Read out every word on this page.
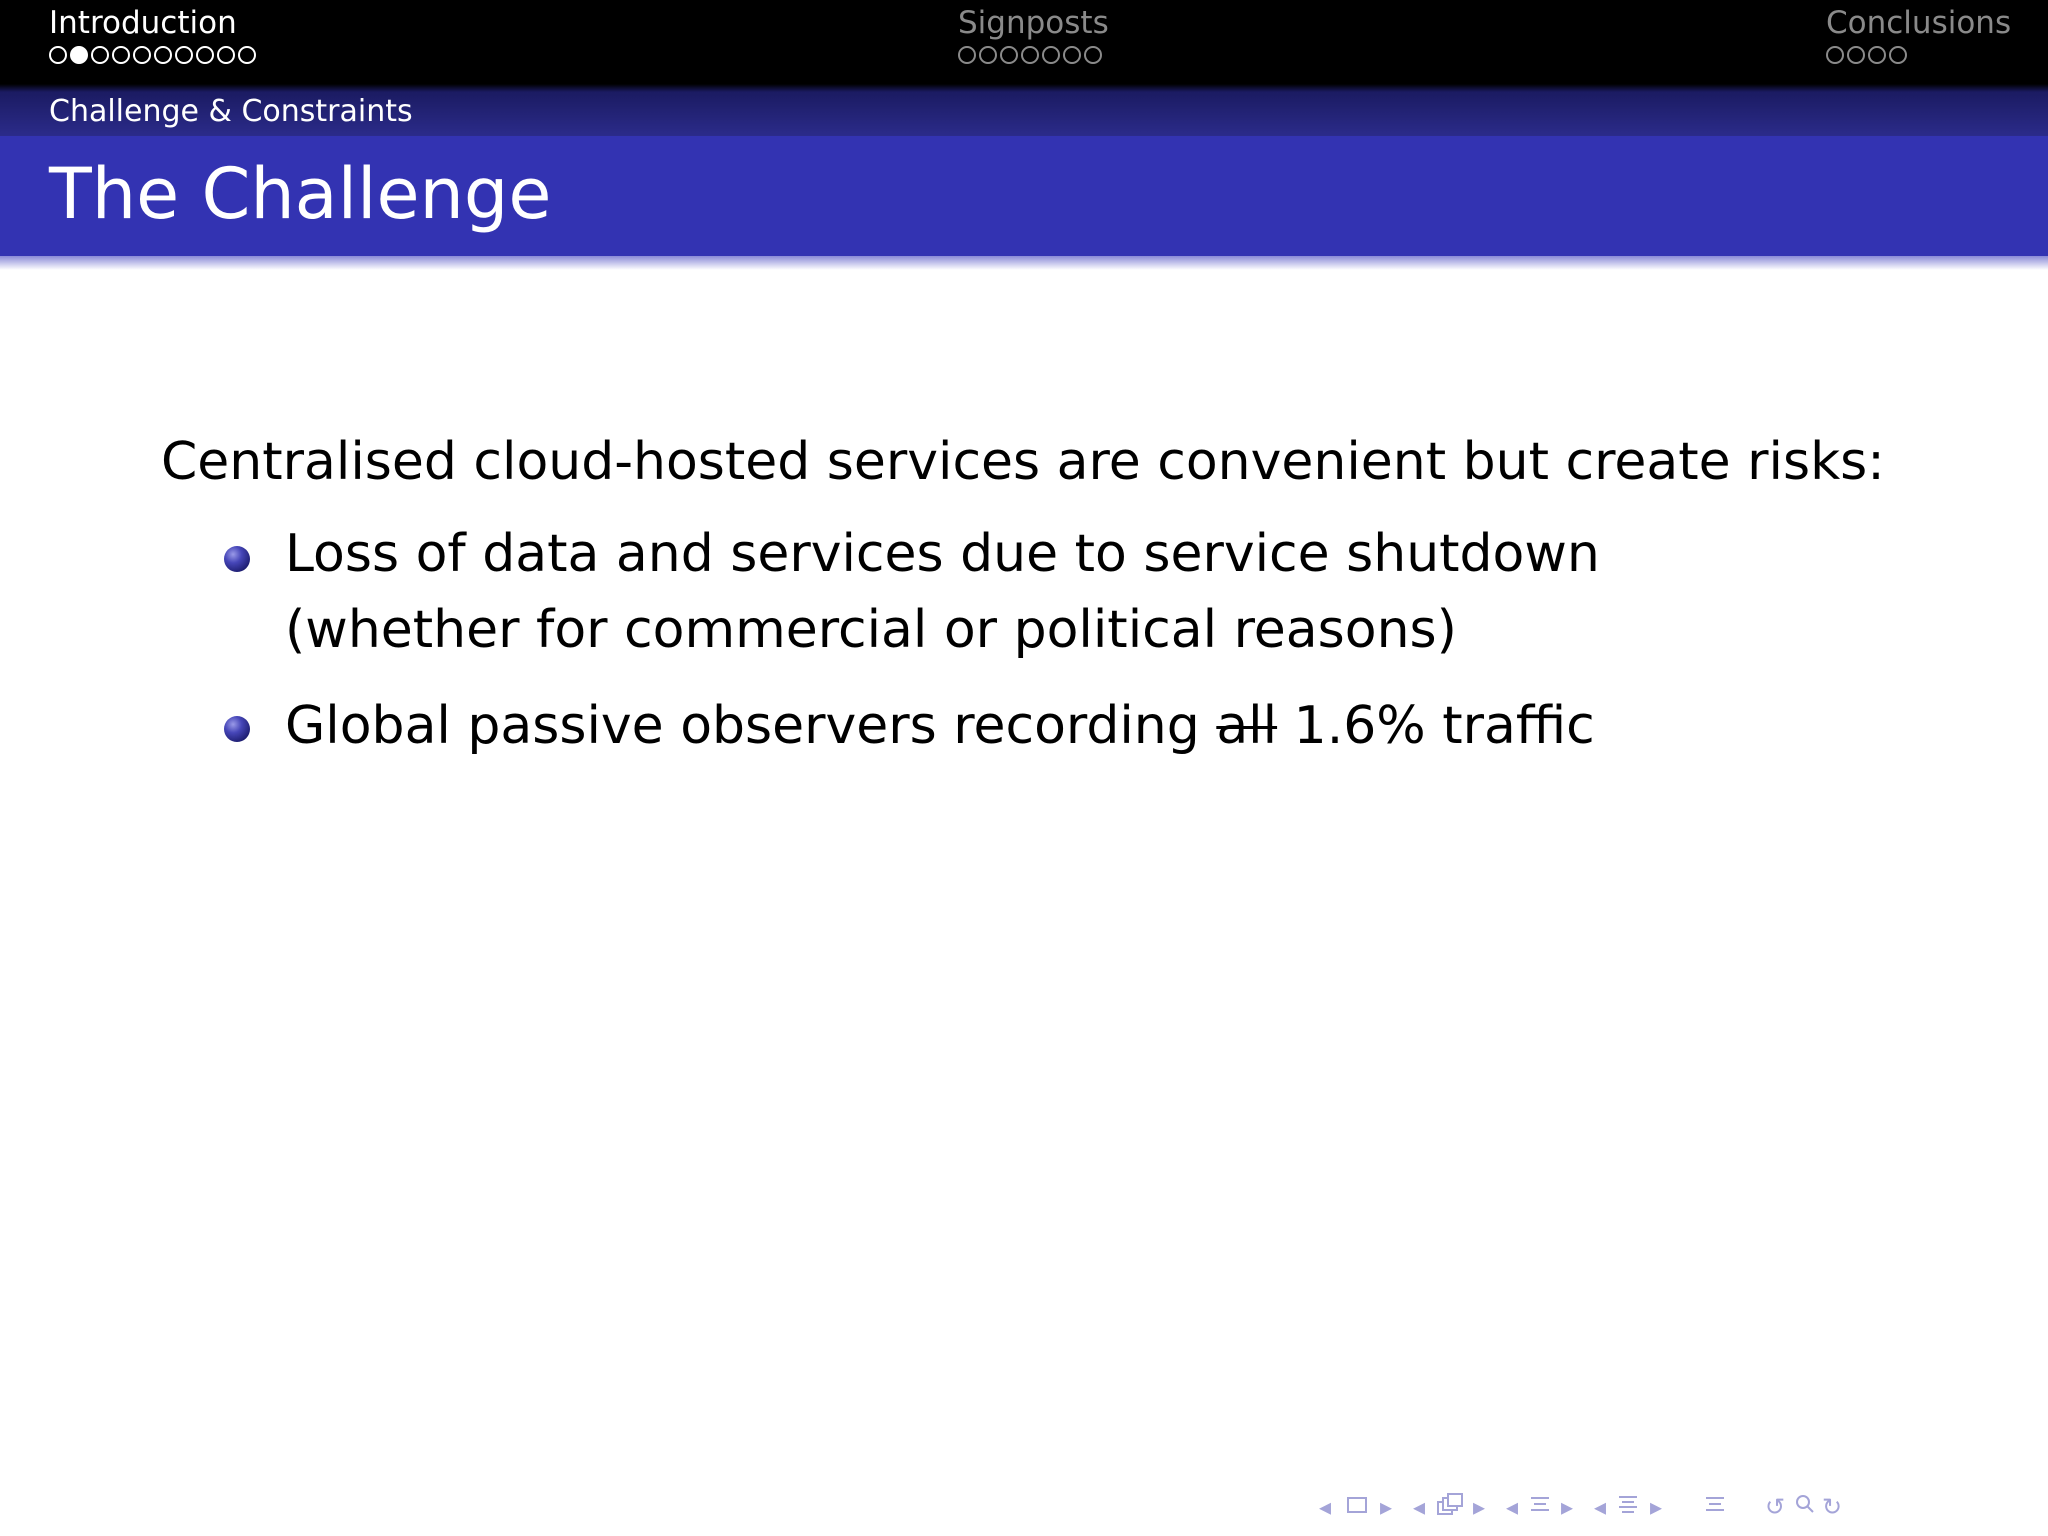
Introduction	Signposts	Conclusions
Challenge & Constraints
The Challenge

Centralised cloud-hosted services are convenient but create risks:

Loss of data and services due to service shutdown
(whether for commercial or political reasons)
Global passive observers recording all 1.6% traffic
◂ ▸ ◂ ▸ ◂ ▸ ◂ ▸	↺ ↻
